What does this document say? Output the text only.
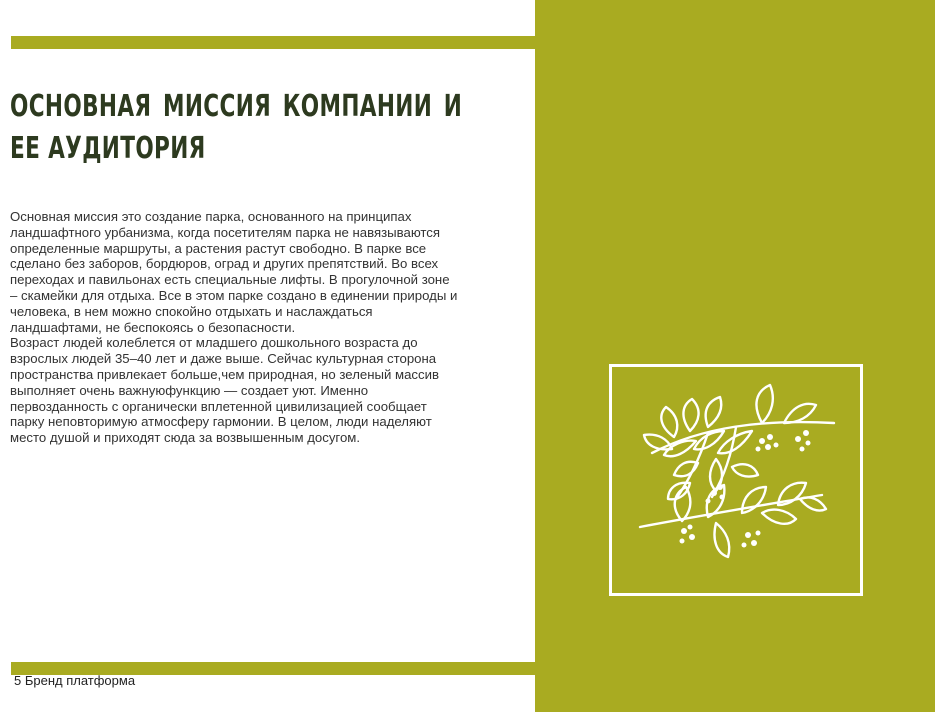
ОСНОВНАЯ МИССИЯ КОМПАНИИ И ЕЕ АУДИТОРИЯ

Основная миссия это создание парка, основанного на принципах ландшафтного урбанизма, когда посетителям парка не навязываются определенные маршруты, а растения растут свободно. В парке все сделано без заборов, бордюров, оград и других препятствий. Во всех переходах и павильонах есть специальные лифты. В прогулочной зоне – скамейки для отдыха. Все в этом парке создано в единении природы и человека, в нем можно спокойно отдыхать и наслаждаться ландшафтами, не беспокоясь о безопасности.

Возраст людей колеблется от младшего дошкольного возраста до взрослых людей 35–40 лет и даже выше. Сейчас культурная сторона пространства привлекает больше,чем природная, но зеленый массив выполняет очень важнуюфункцию — создает уют. Именно первозданность с органически вплетенной цивилизацией сообщает парку неповторимую атмосферу гармонии. В целом, люди наделяют место душой и приходят сюда за возвышенным досугом.

5 Бренд платформа
